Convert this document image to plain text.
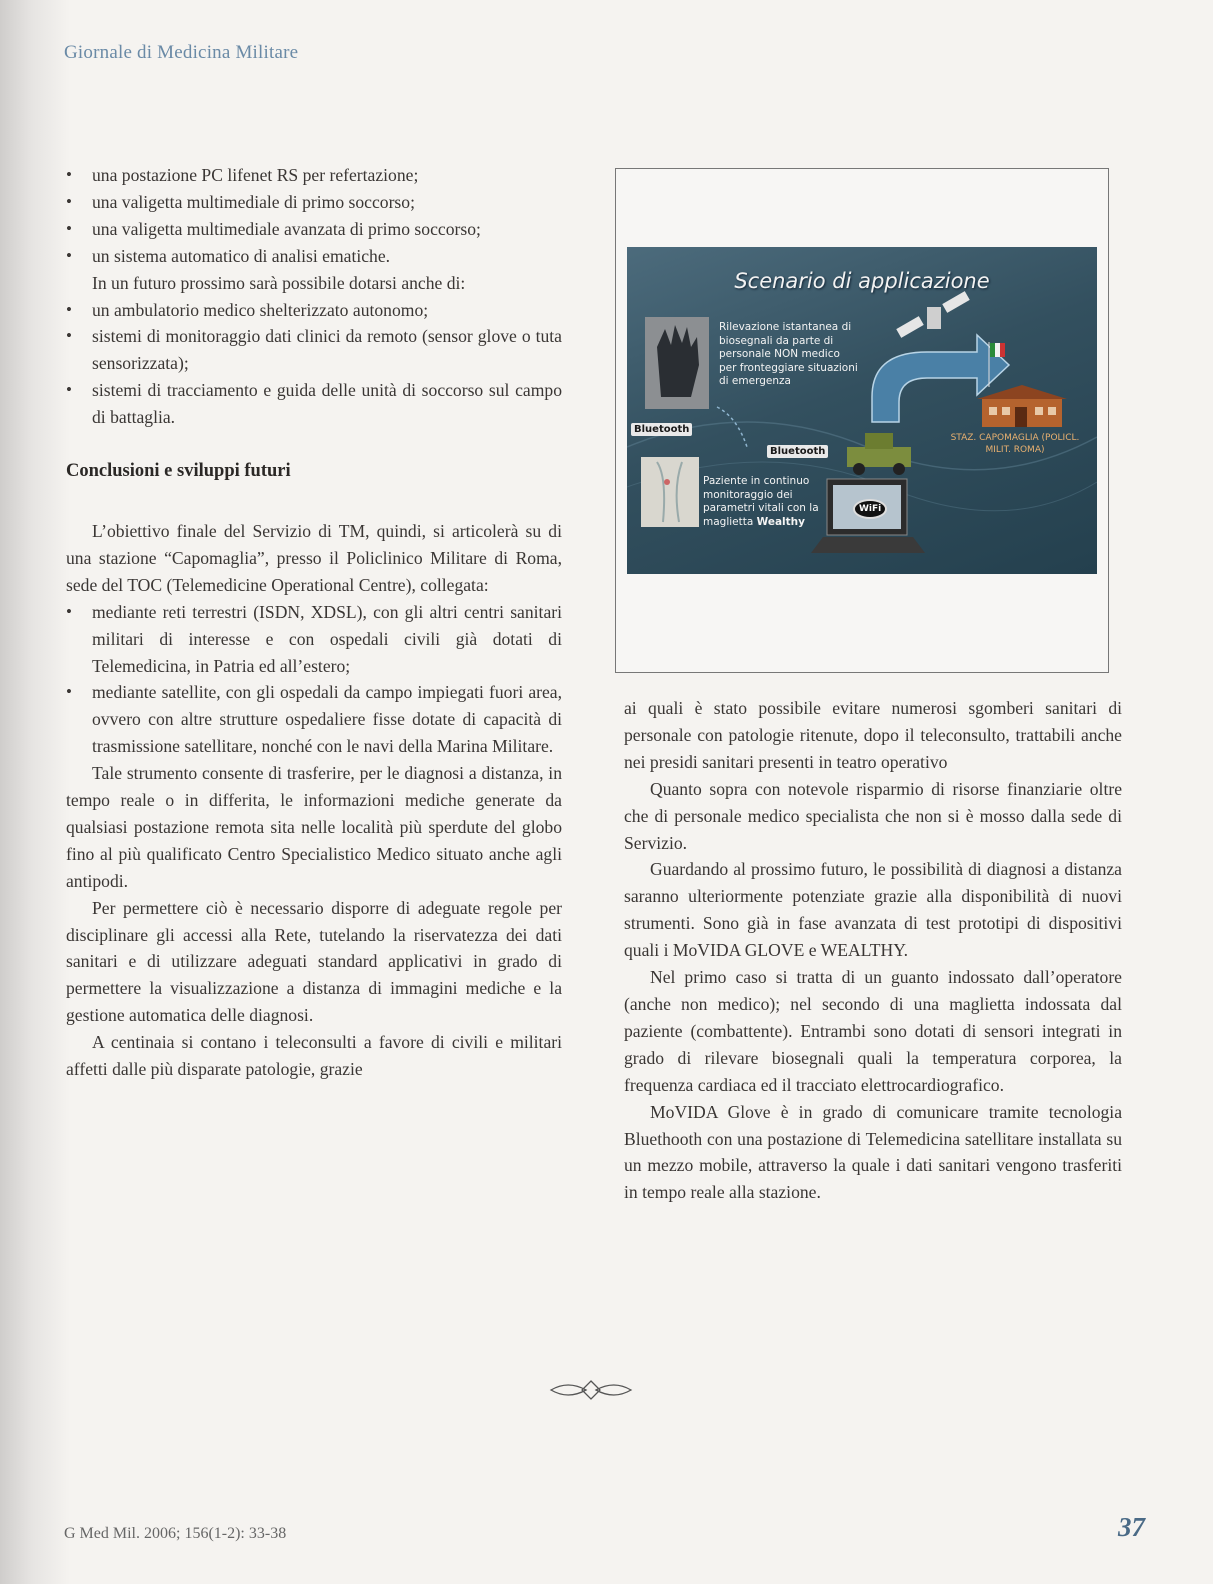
Giornale di Medicina Militare
• una postazione PC lifenet RS per refertazione;
• una valigetta multimediale di primo soccorso;
• una valigetta multimediale avanzata di primo soccorso;
• un sistema automatico di analisi ematiche.

In un futuro prossimo sarà possibile dotarsi anche di:

• un ambulatorio medico shelterizzato autonomo;
• sistemi di monitoraggio dati clinici da remoto (sensor glove o tuta sensorizzata);
• sistemi di tracciamento e guida delle unità di soccorso sul campo di battaglia.
Conclusioni e sviluppi futuri

L’obiettivo finale del Servizio di TM, quindi, si articolerà su di una stazione “Capomaglia”, presso il Policlinico Militare di Roma, sede del TOC (Telemedicine Operational Centre), collegata:

• mediante reti terrestri (ISDN, XDSL), con gli altri centri sanitari militari di interesse e con ospedali civili già dotati di Telemedicina, in Patria ed all’estero;
• mediante satellite, con gli ospedali da campo impiegati fuori area, ovvero con altre strutture ospedaliere fisse dotate di capacità di trasmissione satellitare, nonché con le navi della Marina Militare.

Tale strumento consente di trasferire, per le diagnosi a distanza, in tempo reale o in differita, le informazioni mediche generate da qualsiasi postazione remota sita nelle località più sperdute del globo fino al più qualificato Centro Specialistico Medico situato anche agli antipodi.

Per permettere ciò è necessario disporre di adeguate regole per disciplinare gli accessi alla Rete, tutelando la riservatezza dei dati sanitari e di utilizzare adeguati standard applicativi in grado di permettere la visualizzazione a distanza di immagini mediche e la gestione automatica delle diagnosi.

A centinaia si contano i teleconsulti a favore di civili e militari affetti dalle più disparate patologie, grazie

Scenario di applicazione
Rilevazione istantanea di biosegnali da parte di personale NON medico per fronteggiare situazioni di emergenza
Paziente in continuo monitoraggio dei parametri vitali con la maglietta Wealthy
STAZ. CAPOMAGLIA (POLICL. MILIT. ROMA)
Bluetooth
Bluetooth
WiFi

ai quali è stato possibile evitare numerosi sgomberi sanitari di personale con patologie ritenute, dopo il teleconsulto, trattabili anche nei presidi sanitari presenti in teatro operativo

Quanto sopra con notevole risparmio di risorse finanziarie oltre che di personale medico specialista che non si è mosso dalla sede di Servizio.

Guardando al prossimo futuro, le possibilità di diagnosi a distanza saranno ulteriormente potenziate grazie alla disponibilità di nuovi strumenti. Sono già in fase avanzata di test prototipi di dispositivi quali i MoVIDA GLOVE e WEALTHY.

Nel primo caso si tratta di un guanto indossato dall’operatore (anche non medico); nel secondo di una maglietta indossata dal paziente (combattente). Entrambi sono dotati di sensori integrati in grado di rilevare biosegnali quali la temperatura corporea, la frequenza cardiaca ed il tracciato elettrocardiografico.

MoVIDA Glove è in grado di comunicare tramite tecnologia Bluethooth con una postazione di Telemedicina satellitare installata su un mezzo mobile, attraverso la quale i dati sanitari vengono trasferiti in tempo reale alla stazione.

G Med Mil. 2006; 156(1-2): 33-38	37
